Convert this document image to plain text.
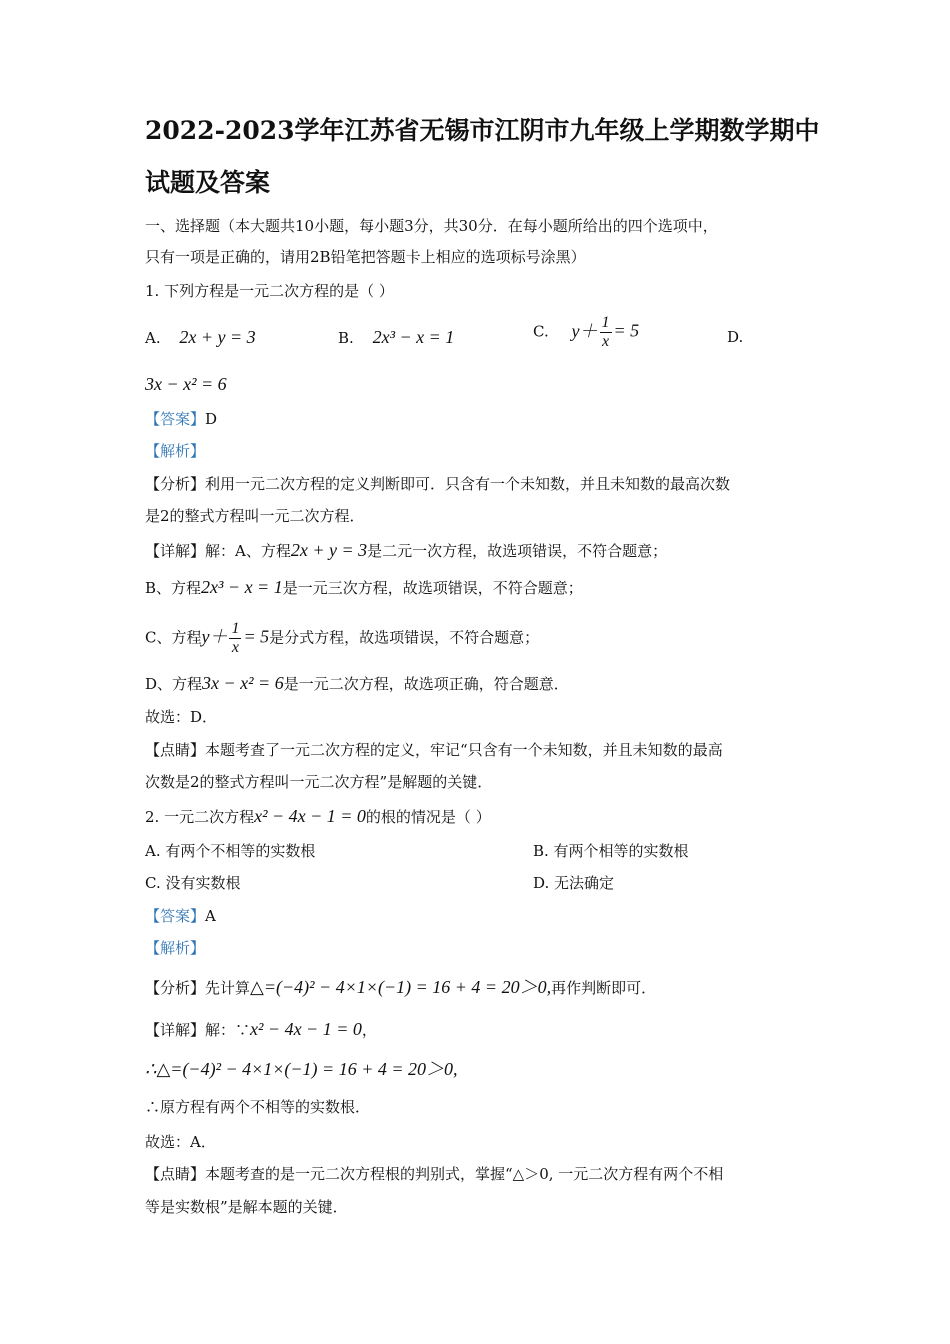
2022-2023学年江苏省无锡市江阴市九年级上学期数学期中
试题及答案
一、选择题（本大题共10小题，每小题3分，共30分．在每小题所给出的四个选项中，
只有一项是正确的，请用2B铅笔把答题卡上相应的选项标号涂黑）
1. 下列方程是一元二次方程的是（ ）
A. 2x + y = 3	B. 2x³ − x = 1	C. $y+ \frac{1}{x} = 5$	D.
3x − x² = 6
【答案】D
【解析】
【分析】利用一元二次方程的定义判断即可．只含有一个未知数，并且未知数的最高次数
是2的整式方程叫一元二次方程．
【详解】解：A、方程2x + y = 3是二元一次方程，故选项错误，不符合题意；
B、方程2x³ − x = 1是一元三次方程，故选项错误，不符合题意；
C、方程$y+ \frac{1}{x} = 5$是分式方程，故选项错误，不符合题意；
D、方程3x − x² = 6是一元二次方程，故选项正确，符合题意．
故选：D．
【点睛】本题考查了一元二次方程的定义，牢记“只含有一个未知数，并且未知数的最高
次数是2的整式方程叫一元二次方程”是解题的关键．
2. 一元二次方程x² − 4x − 1 = 0的根的情况是（ ）
A. 有两个不相等的实数根	B. 有两个相等的实数根
C. 没有实数根	D. 无法确定
【答案】A
【解析】
【分析】先计算△=(−4)² − 4×1×(−1) = 16 + 4 = 20＞0,再作判断即可．
【详解】解：∵x² − 4x − 1 = 0，
∴△=(−4)² − 4×1×(−1) = 16 + 4 = 20＞0,
∴原方程有两个不相等的实数根．
故选：A．
【点睛】本题考查的是一元二次方程根的判别式，掌握“△＞0, 一元二次方程有两个不相
等是实数根”是解本题的关键．
